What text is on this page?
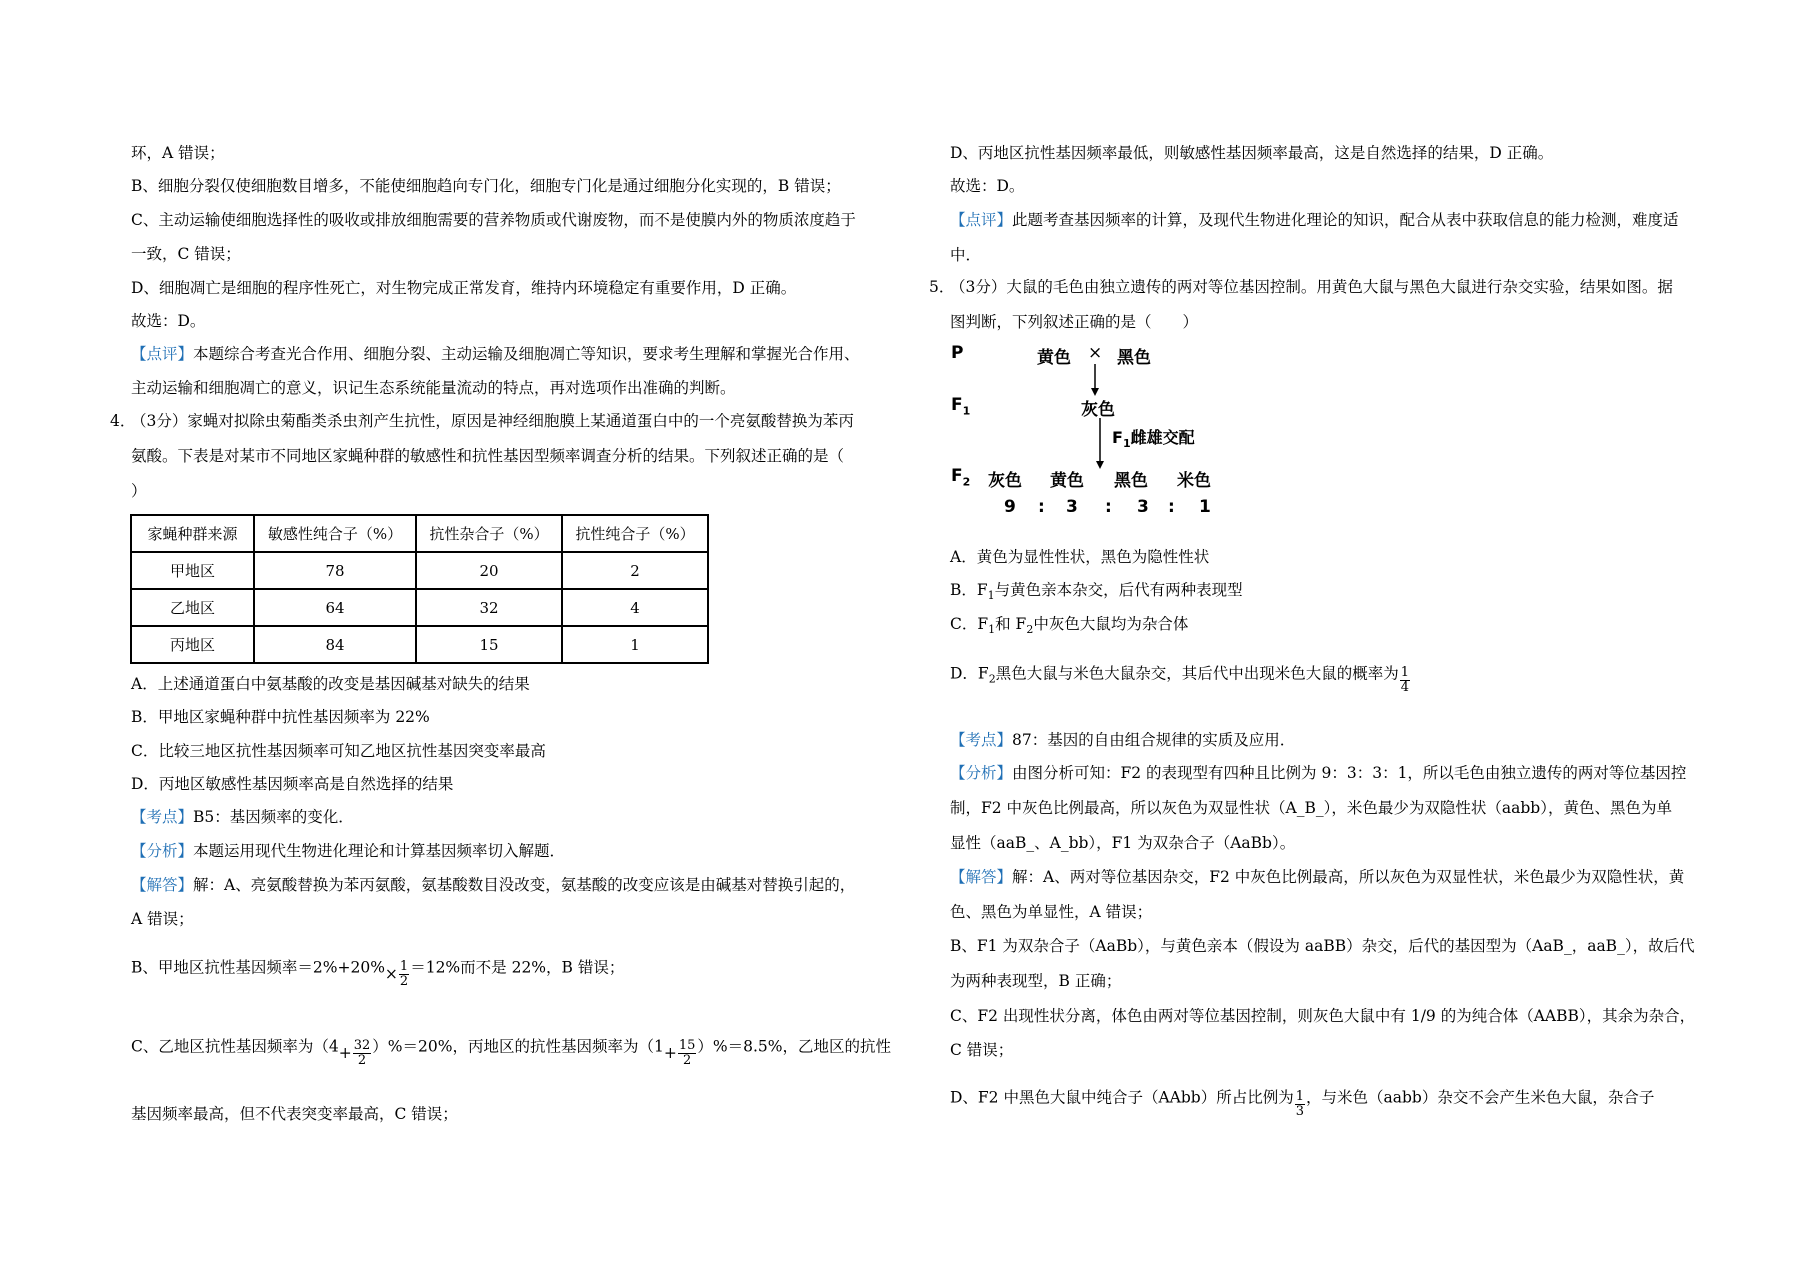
环，A 错误；
B、细胞分裂仅使细胞数目增多，不能使细胞趋向专门化，细胞专门化是通过细胞分化实现的，B 错误；
C、主动运输使细胞选择性的吸收或排放细胞需要的营养物质或代谢废物，而不是使膜内外的物质浓度趋于
一致，C 错误；
D、细胞凋亡是细胞的程序性死亡，对生物完成正常发育，维持内环境稳定有重要作用，D 正确。
故选：D。
【点评】本题综合考查光合作用、细胞分裂、主动运输及细胞凋亡等知识，要求考生理解和掌握光合作用、
主动运输和细胞凋亡的意义，识记生态系统能量流动的特点，再对选项作出准确的判断。
4．
（3分）家蝇对拟除虫菊酯类杀虫剂产生抗性，原因是神经细胞膜上某通道蛋白中的一个亮氨酸替换为苯丙
氨酸。下表是对某市不同地区家蝇种群的敏感性和抗性基因型频率调查分析的结果。下列叙述正确的是（
）
家蝇种群来源	敏感性纯合子（%）	抗性杂合子（%）	抗性纯合子（%）
甲地区	78	20	2
乙地区	64	32	4
丙地区	84	15	1
A．上述通道蛋白中氨基酸的改变是基因碱基对缺失的结果
B．甲地区家蝇种群中抗性基因频率为 22%
C．比较三地区抗性基因频率可知乙地区抗性基因突变率最高
D．丙地区敏感性基因频率高是自然选择的结果
【考点】B5：基因频率的变化．
【分析】本题运用现代生物进化理论和计算基因频率切入解题．
【解答】解：A、亮氨酸替换为苯丙氨酸，氨基酸数目没改变，氨基酸的改变应该是由碱基对替换引起的，
A 错误；
B、甲地区抗性基因频率$=2\%+20\%\times \frac{1}{2} =12\%$而不是 22%，B 错误；
C、乙地区抗性基因频率为$(4+ \frac{32}{2} )\%=20\%$，丙地区的抗性基因频率为$(1+ \frac{15}{2} )\%=8.5\%$，乙地区的抗性
基因频率最高，但不代表突变率最高，C 错误；
D、丙地区抗性基因频率最低，则敏感性基因频率最高，这是自然选择的结果，D 正确。
故选：D。
【点评】此题考查基因频率的计算，及现代生物进化理论的知识，配合从表中获取信息的能力检测，难度适
中．
5．
（3分）大鼠的毛色由独立遗传的两对等位基因控制。用黄色大鼠与黑色大鼠进行杂交实验，结果如图。据
图判断，下列叙述正确的是（　　）
P	黄色 × 黑色
$F_1$	灰色
$F_1$雌雄交配
$F_2$ 灰色 黄色 黑色 米色
9 : 3 : 3 : 1
A．黄色为显性性状，黑色为隐性性状
B．$F_1$与黄色亲本杂交，后代有两种表现型
C．$F_1$和 $F_2$中灰色大鼠均为杂合体
D．$F_2$黑色大鼠与米色大鼠杂交，其后代中出现米色大鼠的概率为 $\frac{1}{4}$
【考点】87：基因的自由组合规律的实质及应用．
【分析】由图分析可知：F2 的表现型有四种且比例为 9：3：3：1，所以毛色由独立遗传的两对等位基因控
制，F2 中灰色比例最高，所以灰色为双显性状（A_B_），米色最少为双隐性状（aabb），黄色、黑色为单
显性（aaB_、A_bb），F1 为双杂合子（AaBb）。
【解答】解：A、两对等位基因杂交，F2 中灰色比例最高，所以灰色为双显性状，米色最少为双隐性状，黄
色、黑色为单显性，A 错误；
B、F1 为双杂合子（AaBb），与黄色亲本（假设为 aaBB）杂交，后代的基因型为（AaB_，aaB_），故后代
为两种表现型，B 正确；
C、F2 出现性状分离，体色由两对等位基因控制，则灰色大鼠中有 1/9 的为纯合体（AABB），其余为杂合，
C 错误；
D、F2 中黑色大鼠中纯合子（AAbb）所占比例为 $\frac{1}{3}$ ，与米色（aabb）杂交不会产生米色大鼠，杂合子
